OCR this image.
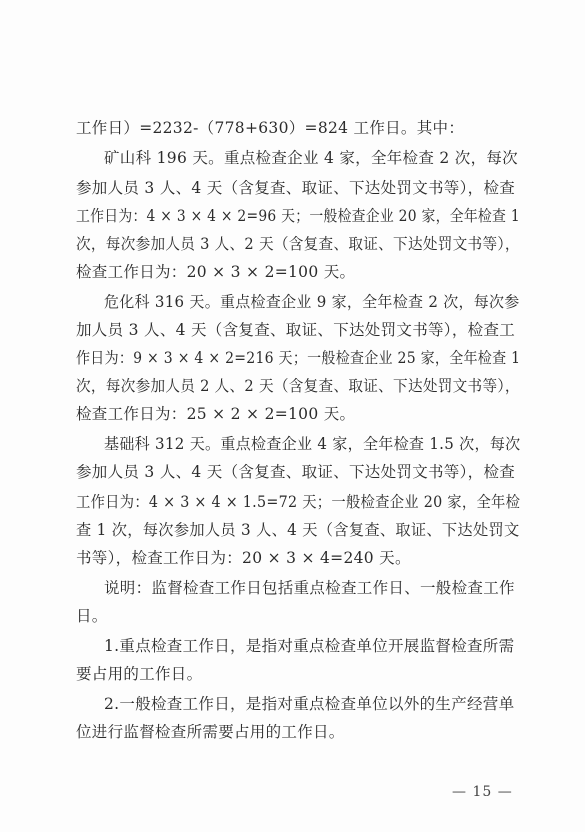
工作日）=2232-（778+630）=824 工作日。其中：
矿山科 196 天。重点检查企业 4 家，全年检查 2 次，每次
参加人员 3 人、4 天（含复查、取证、下达处罚文书等），检查
工作日为：4 × 3 × 4 × 2=96 天；一般检查企业 20 家，全年检查 1
次，每次参加人员 3 人、2 天（含复查、取证、下达处罚文书等），
检查工作日为：20 × 3 × 2=100 天。
危化科 316 天。重点检查企业 9 家，全年检查 2 次，每次参
加人员 3 人、4 天（含复查、取证、下达处罚文书等），检查工
作日为：9 × 3 × 4 × 2=216 天；一般检查企业 25 家，全年检查 1
次，每次参加人员 2 人、2 天（含复查、取证、下达处罚文书等），
检查工作日为：25 × 2 × 2=100 天。
基础科 312 天。重点检查企业 4 家，全年检查 1.5 次，每次
参加人员 3 人、4 天（含复查、取证、下达处罚文书等），检查
工作日为：4 × 3 × 4 × 1.5=72 天；一般检查企业 20 家，全年检
查 1 次，每次参加人员 3 人、4 天（含复查、取证、下达处罚文
书等），检查工作日为：20 × 3 × 4=240 天。
说明：监督检查工作日包括重点检查工作日、一般检查工作
日。
1.重点检查工作日，是指对重点检查单位开展监督检查所需
要占用的工作日。
2.一般检查工作日，是指对重点检查单位以外的生产经营单
位进行监督检查所需要占用的工作日。
— 15 —
